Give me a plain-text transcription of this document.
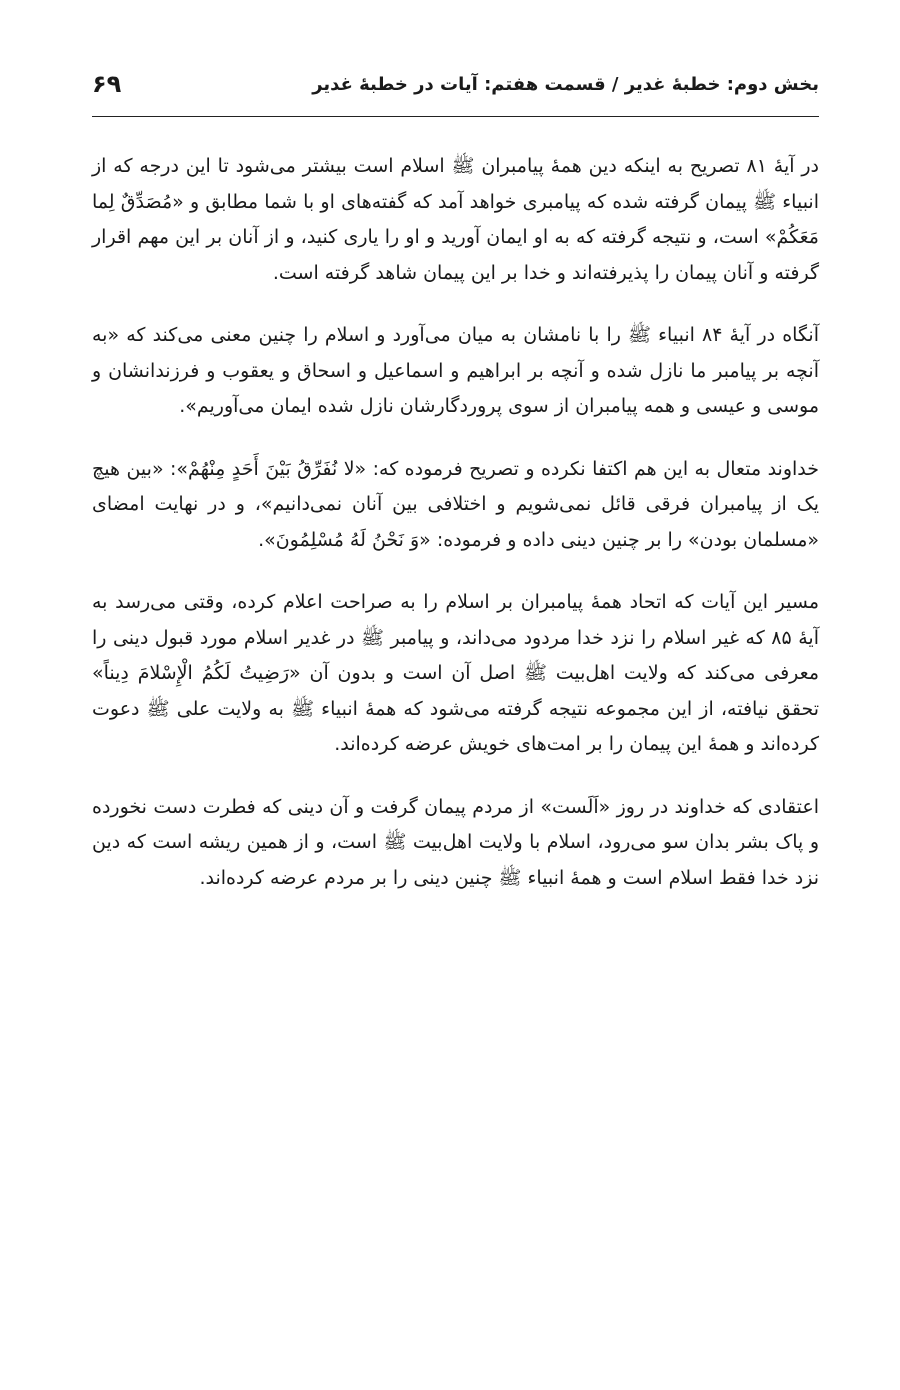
بخش دوم: خطبۀ غدیر / قسمت هفتم: آیات در خطبۀ غدیر
۶۹

در آیۀ ۸۱ تصریح به اینکه دین همۀ پیامبران ﷺ اسلام است بیشتر می‌شود تا این درجه که از انبیاء ﷺ پیمان گرفته شده که پیامبری خواهد آمد که گفته‌های او با شما مطابق و «مُصَدِّقٌ لِما مَعَکُمْ» است، و نتیجه گرفته که به او ایمان آورید و او را یاری کنید، و از آنان بر این مهم اقرار گرفته و آنان پیمان را پذیرفته‌اند و خدا بر این پیمان شاهد گرفته است.

آنگاه در آیۀ ۸۴ انبیاء ﷺ را با نامشان به میان می‌آورد و اسلام را چنین معنی می‌کند که «به آنچه بر پیامبر ما نازل شده و آنچه بر ابراهیم و اسماعیل و اسحاق و یعقوب و فرزندانشان و موسی و عیسی و همه پیامبران از سوی پروردگارشان نازل شده ایمان می‌آوریم».

خداوند متعال به این هم اکتفا نکرده و تصریح فرموده که: «لا نُفَرِّقُ بَیْنَ أَحَدٍ مِنْهُمْ»: «بین هیچ یک از پیامبران فرقی قائل نمی‌شویم و اختلافی بین آنان نمی‌دانیم»، و در نهایت امضای «مسلمان بودن» را بر چنین دینی داده و فرموده: «وَ نَحْنُ لَهُ مُسْلِمُونَ».

مسیر این آیات که اتحاد همۀ پیامبران بر اسلام را به صراحت اعلام کرده، وقتی می‌رسد به آیۀ ۸۵ که غیر اسلام را نزد خدا مردود می‌داند، و پیامبر ﷺ در غدیر اسلام مورد قبول دینی را معرفی می‌کند که ولایت اهل‌بیت ﷺ اصل آن است و بدون آن «رَضِیتُ لَکُمُ الْإِسْلامَ دِیناً» تحقق نیافته، از این مجموعه نتیجه گرفته می‌شود که همۀ انبیاء ﷺ به ولایت علی ﷺ دعوت کرده‌اند و همۀ این پیمان را بر امت‌های خویش عرضه کرده‌اند.

اعتقادی که خداوند در روز «اَلَست» از مردم پیمان گرفت و آن دینی که فطرت دست نخورده و پاک بشر بدان سو می‌رود، اسلام با ولایت اهل‌بیت ﷺ است، و از همین ریشه است که دین نزد خدا فقط اسلام است و همۀ انبیاء ﷺ چنین دینی را بر مردم عرضه کرده‌اند.
